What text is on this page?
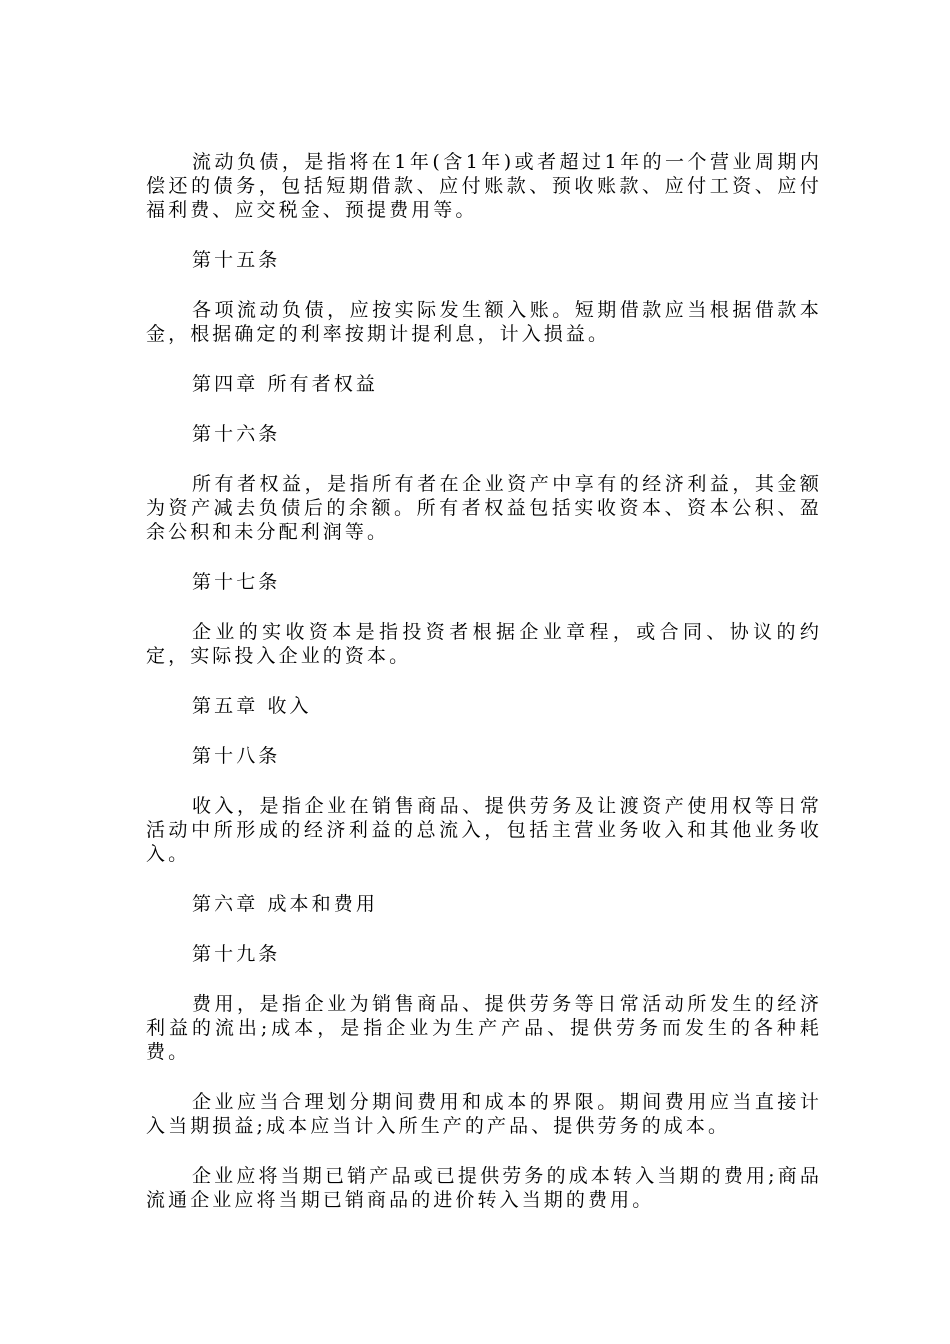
流动负债，是指将在1年(含1年)或者超过1年的一个营业周期内偿还的债务，包括短期借款、应付账款、预收账款、应付工资、应付福利费、应交税金、预提费用等。

第十五条

各项流动负债，应按实际发生额入账。短期借款应当根据借款本金，根据确定的利率按期计提利息，计入损益。

第四章 所有者权益

第十六条

所有者权益，是指所有者在企业资产中享有的经济利益，其金额为资产减去负债后的余额。所有者权益包括实收资本、资本公积、盈余公积和未分配利润等。

第十七条

企业的实收资本是指投资者根据企业章程，或合同、协议的约定，实际投入企业的资本。

第五章 收入

第十八条

收入，是指企业在销售商品、提供劳务及让渡资产使用权等日常活动中所形成的经济利益的总流入，包括主营业务收入和其他业务收入。

第六章 成本和费用

第十九条

费用，是指企业为销售商品、提供劳务等日常活动所发生的经济利益的流出;成本，是指企业为生产产品、提供劳务而发生的各种耗费。

企业应当合理划分期间费用和成本的界限。期间费用应当直接计入当期损益;成本应当计入所生产的产品、提供劳务的成本。

企业应将当期已销产品或已提供劳务的成本转入当期的费用;商品流通企业应将当期已销商品的进价转入当期的费用。
